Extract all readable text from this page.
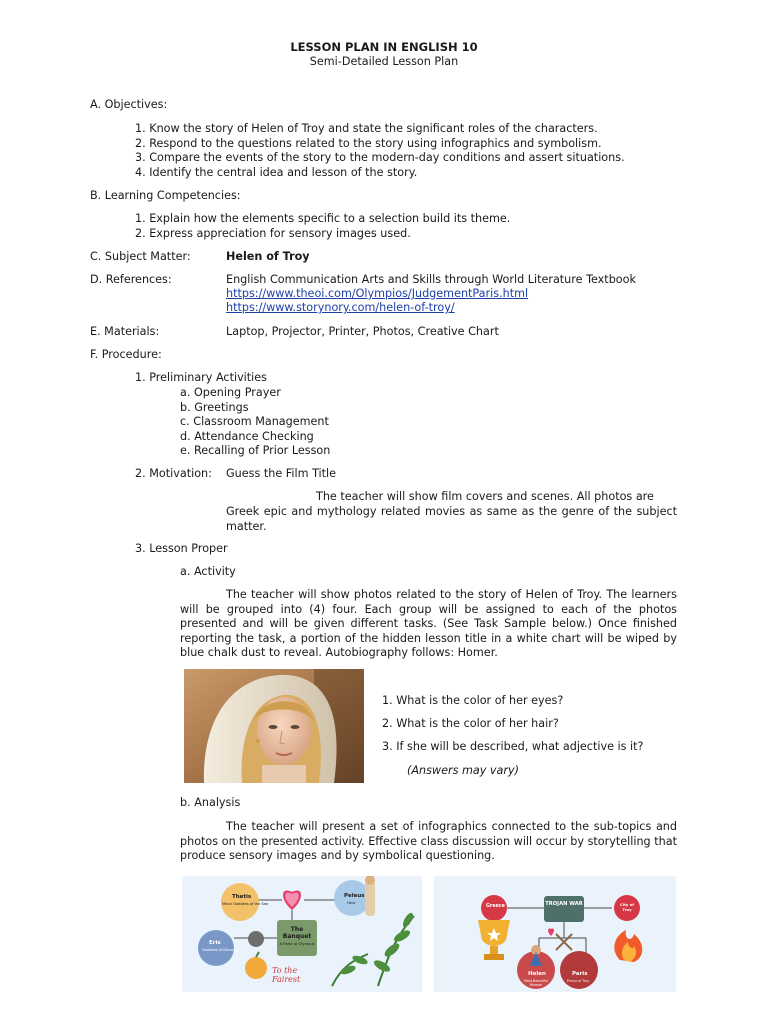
LESSON PLAN IN ENGLISH 10
Semi-Detailed Lesson Plan
A. Objectives:
1. Know the story of Helen of Troy and state the significant roles of the characters.
2. Respond to the questions related to the story using infographics and symbolism.
3. Compare the events of the story to the modern-day conditions and assert situations.
4. Identify the central idea and lesson of the story.
B. Learning Competencies:
1. Explain how the elements specific to a selection build its theme.
2. Express appreciation for sensory images used.
C. Subject Matter:	Helen of Troy
D. References:	English Communication Arts and Skills through World Literature Textbook
https://www.theoi.com/Olympios/JudgementParis.html
https://www.storynory.com/helen-of-troy/
E. Materials:	Laptop, Projector, Printer, Photos, Creative Chart
F. Procedure:
1. Preliminary Activities
a. Opening Prayer
b. Greetings
c. Classroom Management
d. Attendance Checking
e. Recalling of Prior Lesson
2. Motivation: Guess the Film Title
The teacher will show film covers and scenes. All photos are
Greek epic and mythology related movies as same as the genre of the subject matter.
3. Lesson Proper
a. Activity
The teacher will show photos related to the story of Helen of Troy. The learners will be grouped into (4) four. Each group will be assigned to each of the photos presented and will be given different tasks. (See Task Sample below.) Once finished reporting the task, a portion of the hidden lesson title in a white chart will be wiped by blue chalk dust to reveal. Autobiography follows: Homer.
1. What is the color of her eyes?
2. What is the color of her hair?
3. If she will be described, what adjective is it?
(Answers may vary)
b. Analysis
The teacher will present a set of infographics connected to the sub-topics and photos on the presented activity. Effective class discussion will occur by storytelling that produce sensory images and by symbolical questioning.
Thetis
Minor Goddess of the Sea
Peleus
Hero
Eris
Goddess of Discord
The Banquet
A Feast at Olympus
To the Fairest
Greece	TROJAN WAR	City of Troy
Helen
Most Beautiful Woman
Paris
Prince of Troy
